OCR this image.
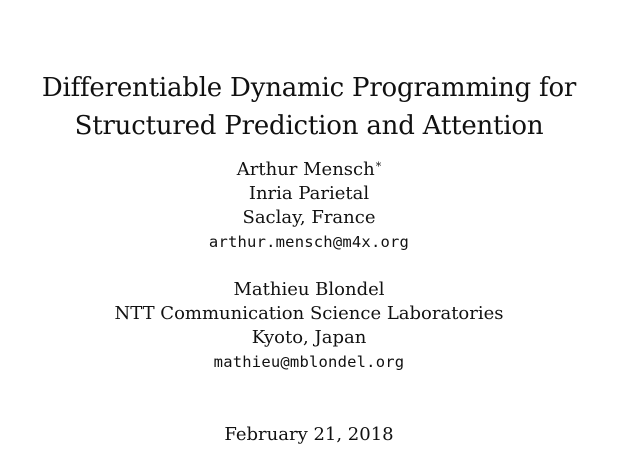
Differentiable Dynamic Programming for
Structured Prediction and Attention
Arthur Mensch*
Inria Parietal
Saclay, France
arthur.mensch@m4x.org
Mathieu Blondel
NTT Communication Science Laboratories
Kyoto, Japan
mathieu@mblondel.org
February 21, 2018
